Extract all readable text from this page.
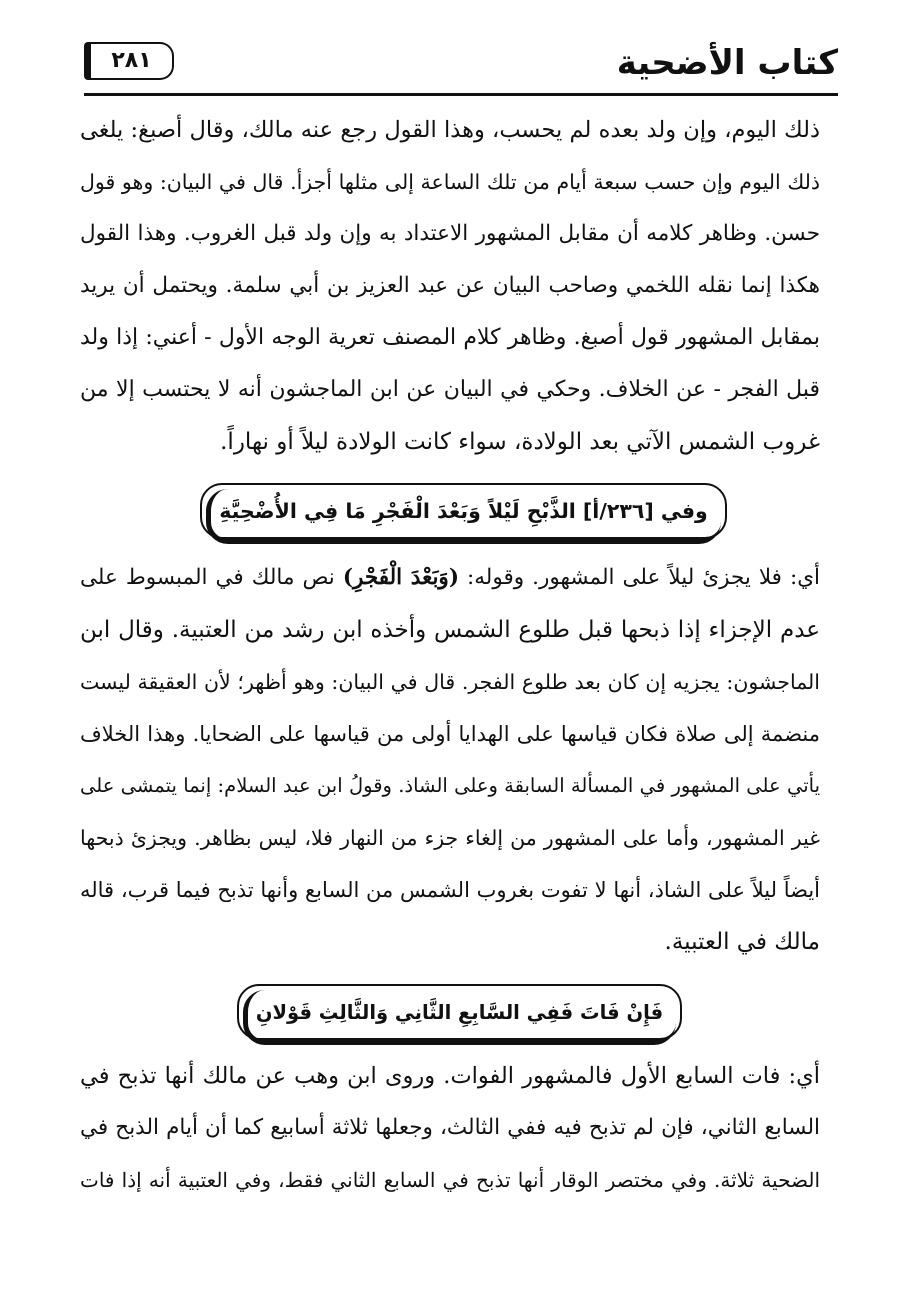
٢٨١	كتاب الأضحية
ذلك اليوم، وإن ولد بعده لم يحسب، وهذا القول رجع عنه مالك، وقال أصبغ: يلغى
ذلك اليوم وإن حسب سبعة أيام من تلك الساعة إلى مثلها أجزأ. قال في البيان: وهو قول
حسن. وظاهر كلامه أن مقابل المشهور الاعتداد به وإن ولد قبل الغروب. وهذا القول
هكذا إنما نقله اللخمي وصاحب البيان عن عبد العزيز بن أبي سلمة. ويحتمل أن يريد
بمقابل المشهور قول أصبغ. وظاهر كلام المصنف تعرية الوجه الأول - أعني: إذا ولد
قبل الفجر - عن الخلاف. وحكي في البيان عن ابن الماجشون أنه لا يحتسب إلا من
غروب الشمس الآتي بعد الولادة، سواء كانت الولادة ليلاً أو نهاراً.
وفي [٢٣٦/أ] الذَّبْحِ لَيْلاً وَبَعْدَ الْفَجْرِ مَا فِي الأُضْحِيَّةِ
أي: فلا يجزئ ليلاً على المشهور. وقوله: (وَبَعْدَ الْفَجْرِ) نص مالك في المبسوط على
عدم الإجزاء إذا ذبحها قبل طلوع الشمس وأخذه ابن رشد من العتبية. وقال ابن
الماجشون: يجزيه إن كان بعد طلوع الفجر. قال في البيان: وهو أظهر؛ لأن العقيقة ليست
منضمة إلى صلاة فكان قياسها على الهدايا أولى من قياسها على الضحايا. وهذا الخلاف
يأتي على المشهور في المسألة السابقة وعلى الشاذ. وقولُ ابن عبد السلام: إنما يتمشى على
غير المشهور، وأما على المشهور من إلغاء جزء من النهار فلا، ليس بظاهر. ويجزئ ذبحها
أيضاً ليلاً على الشاذ، أنها لا تفوت بغروب الشمس من السابع وأنها تذبح فيما قرب، قاله
مالك في العتبية.
فَإِنْ فَاتَ فَفِي السَّابِعِ الثَّانِي وَالثَّالِثِ قَوْلانِ
أي: فات السابع الأول فالمشهور الفوات. وروى ابن وهب عن مالك أنها تذبح في
السابع الثاني، فإن لم تذبح فيه ففي الثالث، وجعلها ثلاثة أسابيع كما أن أيام الذبح في
الضحية ثلاثة. وفي مختصر الوقار أنها تذبح في السابع الثاني فقط، وفي العتبية أنه إذا فات
